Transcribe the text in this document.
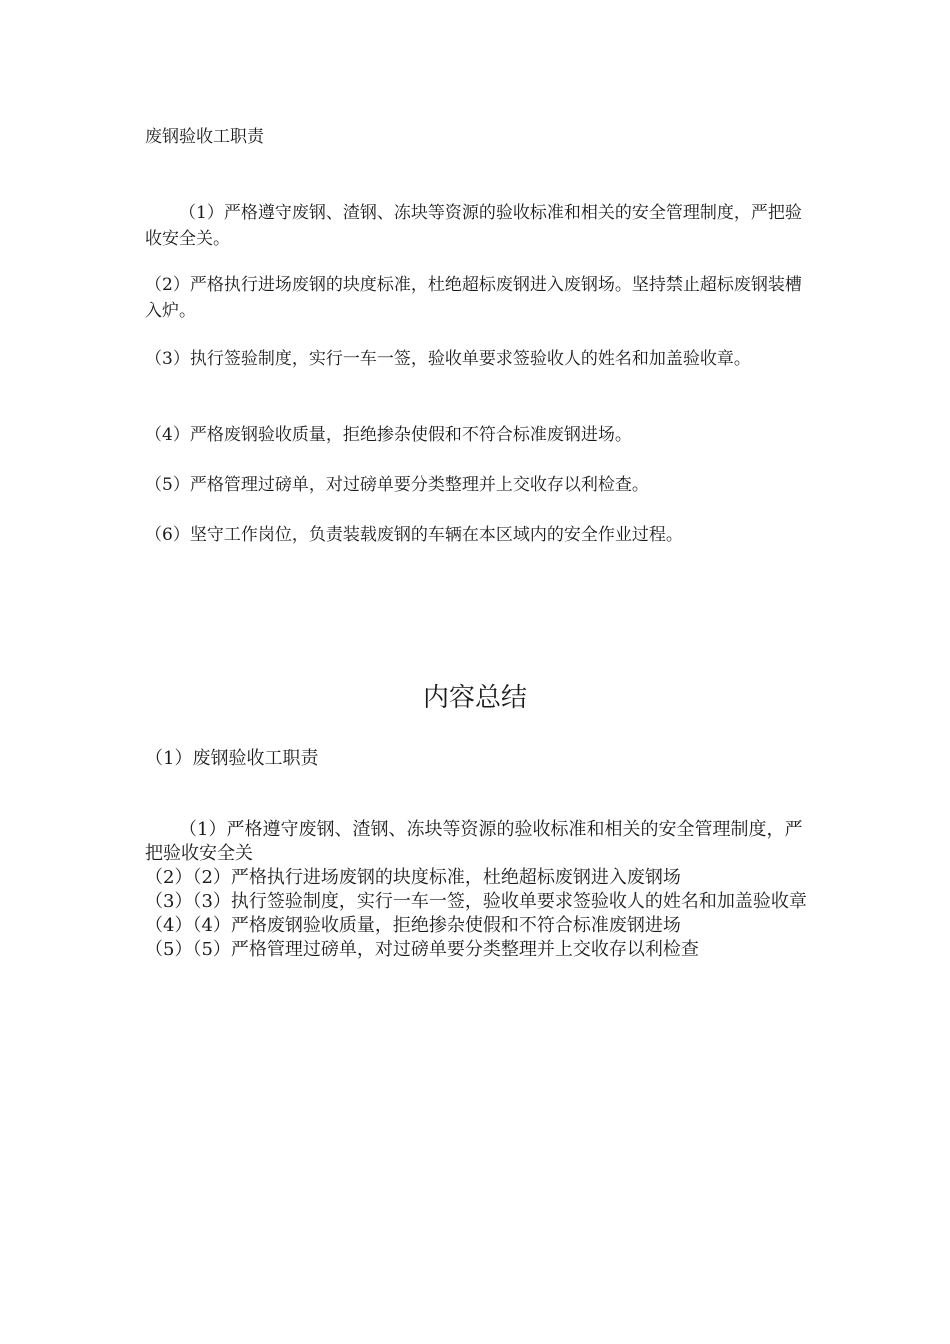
废钢验收工职责

（1）严格遵守废钢、渣钢、冻块等资源的验收标准和相关的安全管理制度，严把验收安全关。

（2）严格执行进场废钢的块度标准，杜绝超标废钢进入废钢场。坚持禁止超标废钢装槽入炉。

（3）执行签验制度，实行一车一签，验收单要求签验收人的姓名和加盖验收章。

（4）严格废钢验收质量，拒绝掺杂使假和不符合标准废钢进场。

（5）严格管理过磅单，对过磅单要分类整理并上交收存以利检查。

（6）坚守工作岗位，负责装载废钢的车辆在本区域内的安全作业过程。

内容总结

（1）废钢验收工职责

（1）严格遵守废钢、渣钢、冻块等资源的验收标准和相关的安全管理制度，严把验收安全关
（2）（2）严格执行进场废钢的块度标准，杜绝超标废钢进入废钢场
（3）（3）执行签验制度，实行一车一签，验收单要求签验收人的姓名和加盖验收章
（4）（4）严格废钢验收质量，拒绝掺杂使假和不符合标准废钢进场
（5）（5）严格管理过磅单，对过磅单要分类整理并上交收存以利检查
